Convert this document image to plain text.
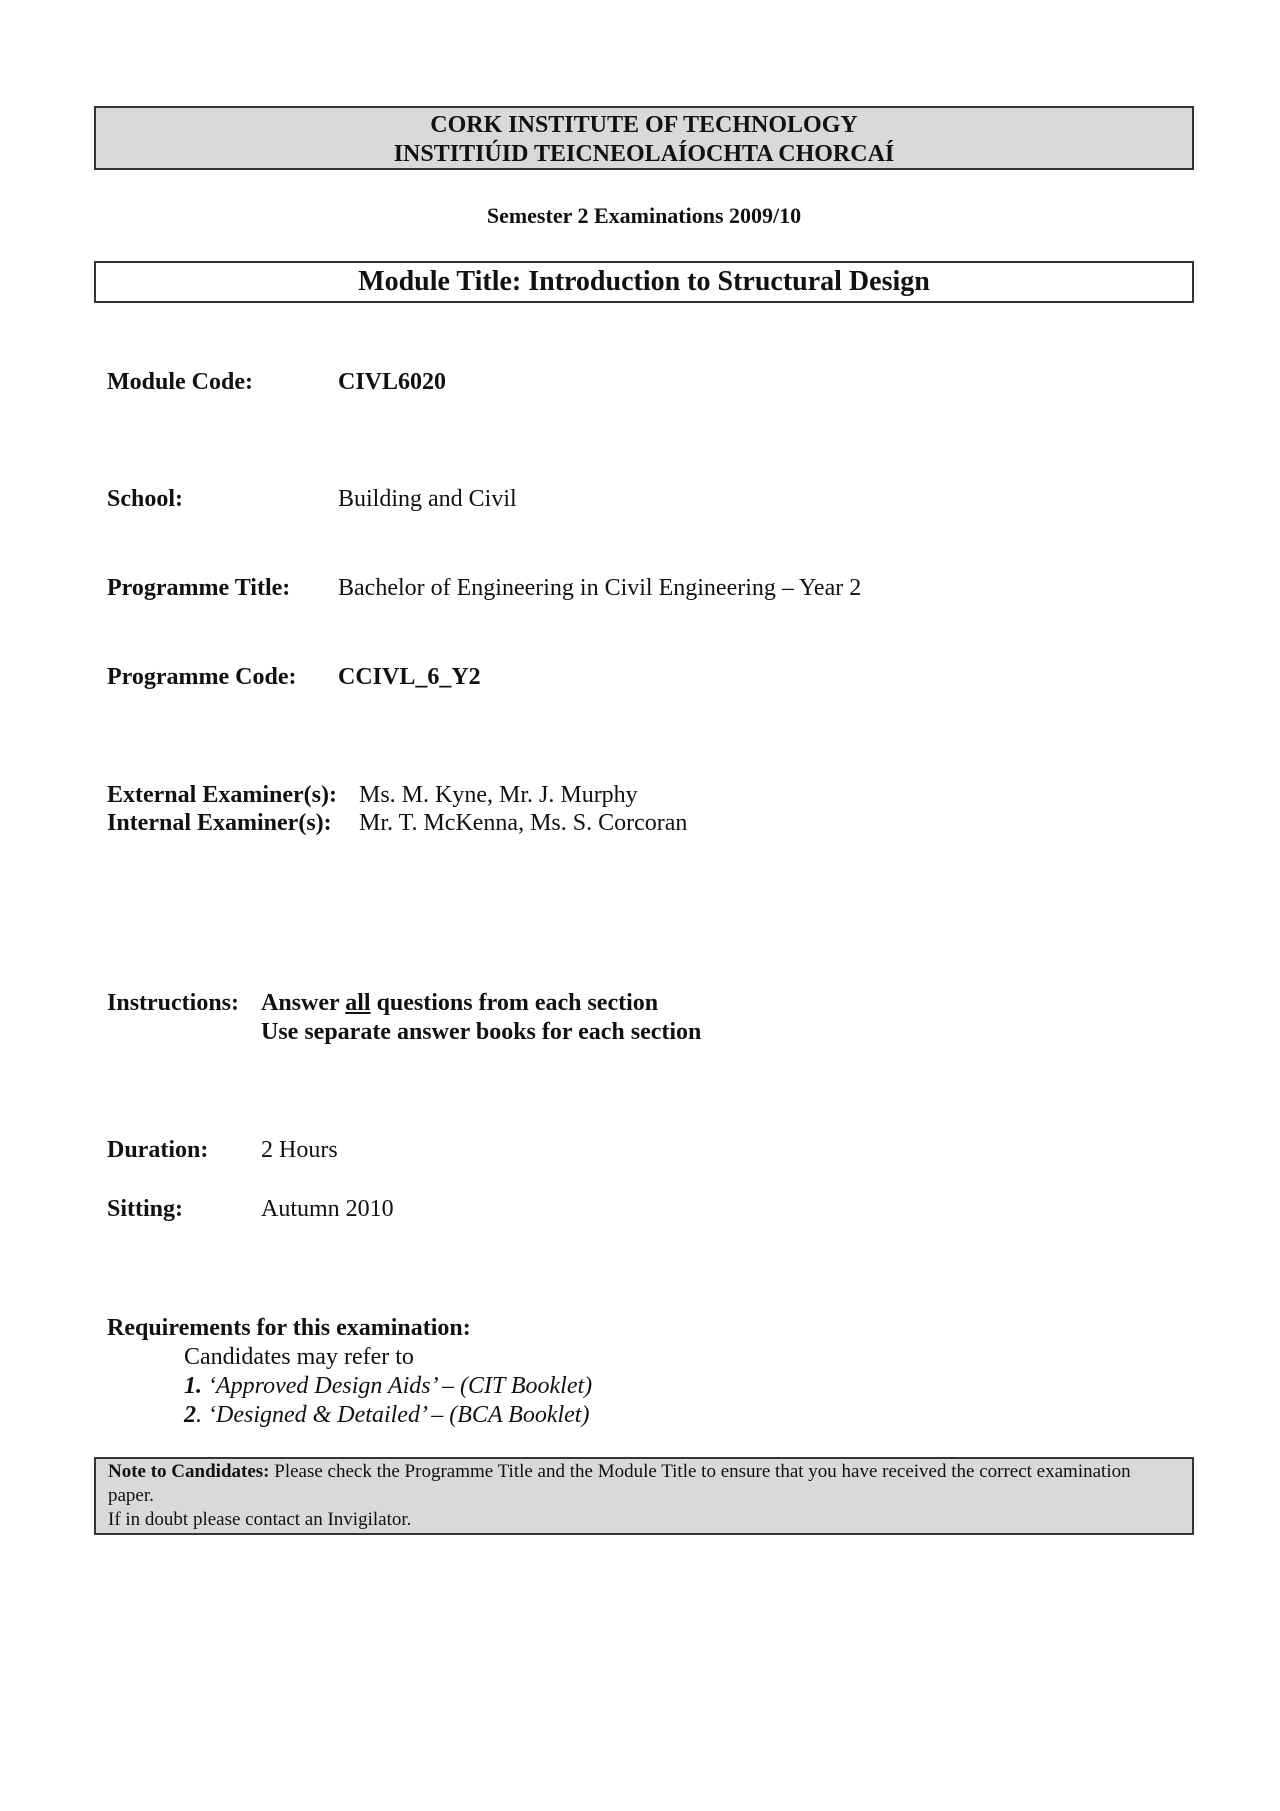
CORK INSTITUTE OF TECHNOLOGY
INSTITIÚID TEICNEOLAÍOCHTA CHORCAÍ
Semester 2 Examinations 2009/10
Module Title: Introduction to Structural Design
Module Code:	CIVL6020
School:	Building and Civil
Programme Title: Bachelor of Engineering in Civil Engineering – Year 2
Programme Code: CCIVL_6_Y2
External Examiner(s): Ms. M. Kyne, Mr. J. Murphy
Internal Examiner(s): Mr. T. McKenna, Ms. S. Corcoran
Instructions: Answer all questions from each section
Use separate answer books for each section
Duration: 2 Hours
Sitting:	Autumn 2010
Requirements for this examination:
Candidates may refer to
1. ‘Approved Design Aids’ – (CIT Booklet)
2. ‘Designed & Detailed’ – (BCA Booklet)
Note to Candidates: Please check the Programme Title and the Module Title to ensure that you have received the correct examination paper.
If in doubt please contact an Invigilator.
